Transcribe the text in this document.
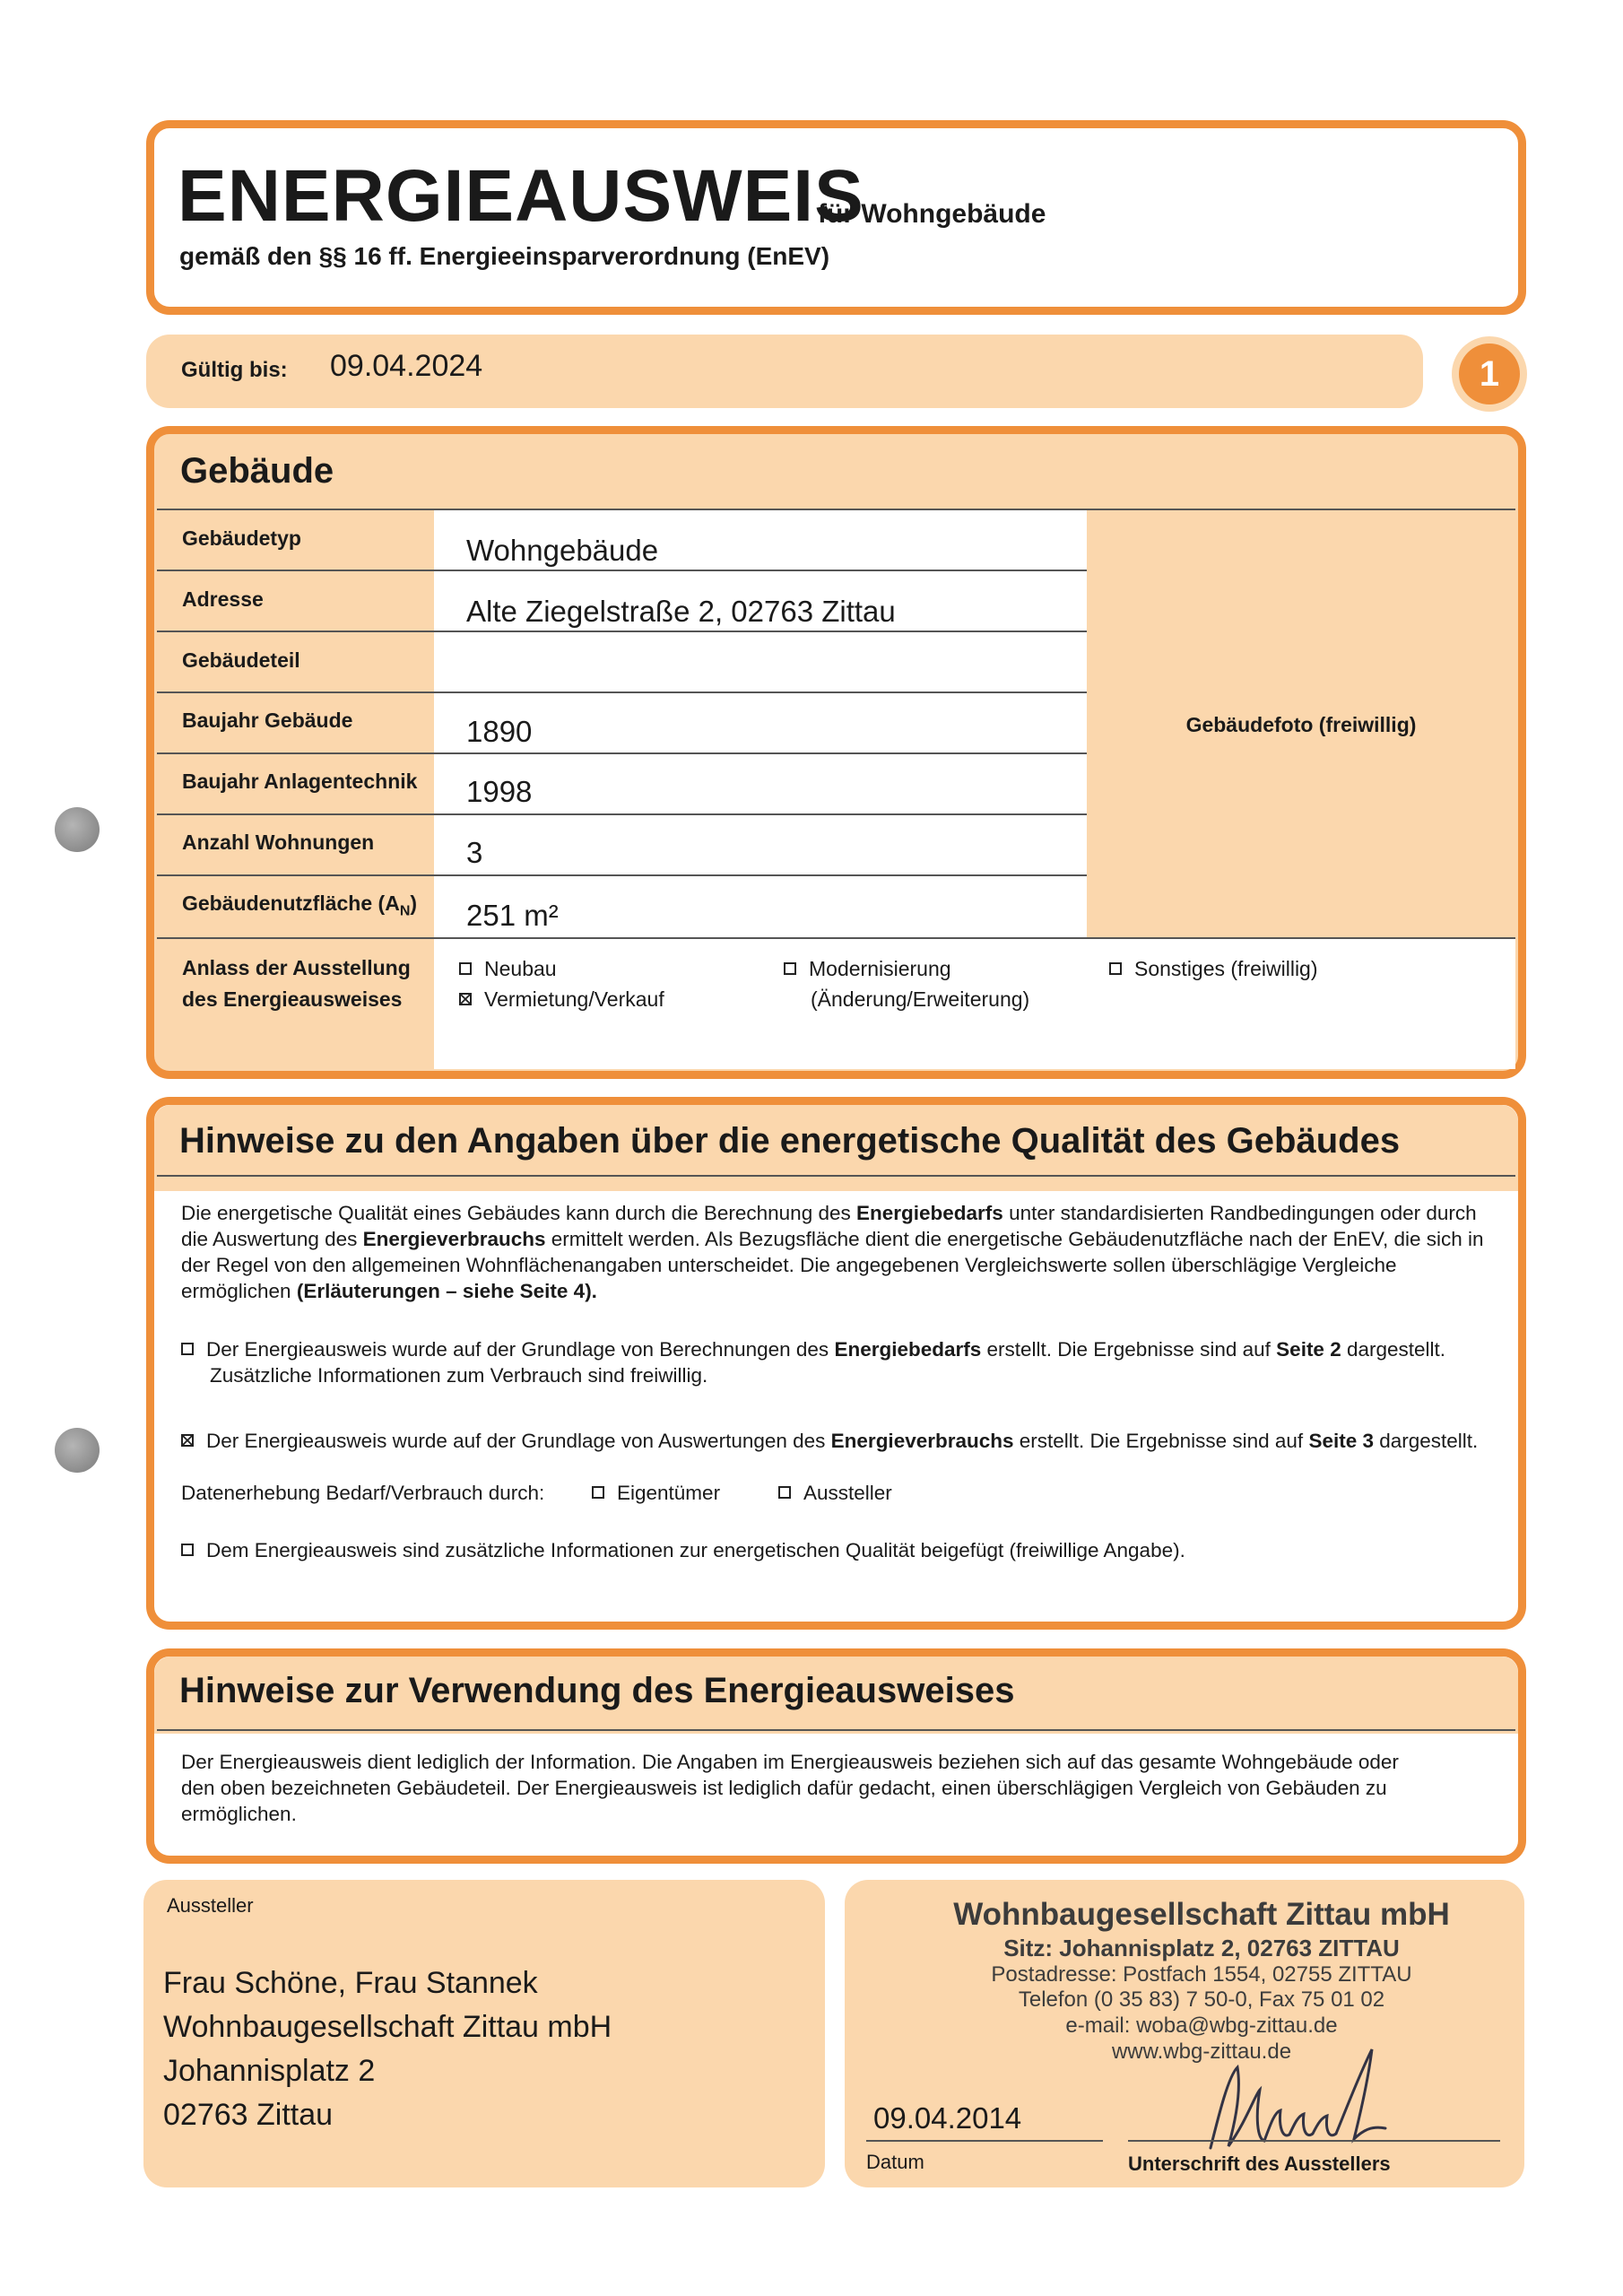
ENERGIEAUSWEIS
für Wohngebäude
gemäß den §§ 16 ff. Energieeinsparverordnung (EnEV)
Gültig bis: 09.04.2024	1
Gebäude
Gebäudetyp	Wohngebäude
Adresse	Alte Ziegelstraße 2, 02763 Zittau
Gebäudeteil
Baujahr Gebäude	1890
Baujahr Anlagentechnik 1998
Anzahl Wohnungen	3
Gebäudenutzfläche $(A_N)$ 251 m²
Gebäudefoto (freiwillig)
Anlass der Ausstellung
des Energieausweises
Neubau
Vermietung/Verkauf
Modernisierung
(Änderung/Erweiterung)
Sonstiges (freiwillig)
Hinweise zu den Angaben über die energetische Qualität des Gebäudes
Die energetische Qualität eines Gebäudes kann durch die Berechnung des Energiebedarfs unter standardisierten Randbedingungen oder durch die Auswertung des Energieverbrauchs ermittelt werden. Als Bezugsfläche dient die energetische Gebäudenutzfläche nach der EnEV, die sich in der Regel von den allgemeinen Wohnflächenangaben unterscheidet. Die angegebenen Vergleichswerte sollen überschlägige Vergleiche ermöglichen (Erläuterungen – siehe Seite 4).
Der Energieausweis wurde auf der Grundlage von Berechnungen des Energiebedarfs erstellt. Die Ergebnisse sind auf Seite 2 dargestellt.
Zusätzliche Informationen zum Verbrauch sind freiwillig.
Der Energieausweis wurde auf der Grundlage von Auswertungen des Energieverbrauchs erstellt. Die Ergebnisse sind auf Seite 3 dargestellt.
Datenerhebung Bedarf/Verbrauch durch:	Eigentümer	Aussteller
Dem Energieausweis sind zusätzliche Informationen zur energetischen Qualität beigefügt (freiwillige Angabe).
Hinweise zur Verwendung des Energieausweises
Der Energieausweis dient lediglich der Information. Die Angaben im Energieausweis beziehen sich auf das gesamte Wohngebäude oder
den oben bezeichneten Gebäudeteil. Der Energieausweis ist lediglich dafür gedacht, einen überschlägigen Vergleich von Gebäuden zu
ermöglichen.
Aussteller
Frau Schöne, Frau Stannek
Wohnbaugesellschaft Zittau mbH
Johannisplatz 2
02763 Zittau
Wohnbaugesellschaft Zittau mbH
Sitz: Johannisplatz 2, 02763 ZITTAU
Postadresse: Postfach 1554, 02755 ZITTAU
Telefon (0 35 83) 7 50-0, Fax 75 01 02
e-mail: woba@wbg-zittau.de
www.wbg-zittau.de
09.04.2014
Datum	Unterschrift des Ausstellers
